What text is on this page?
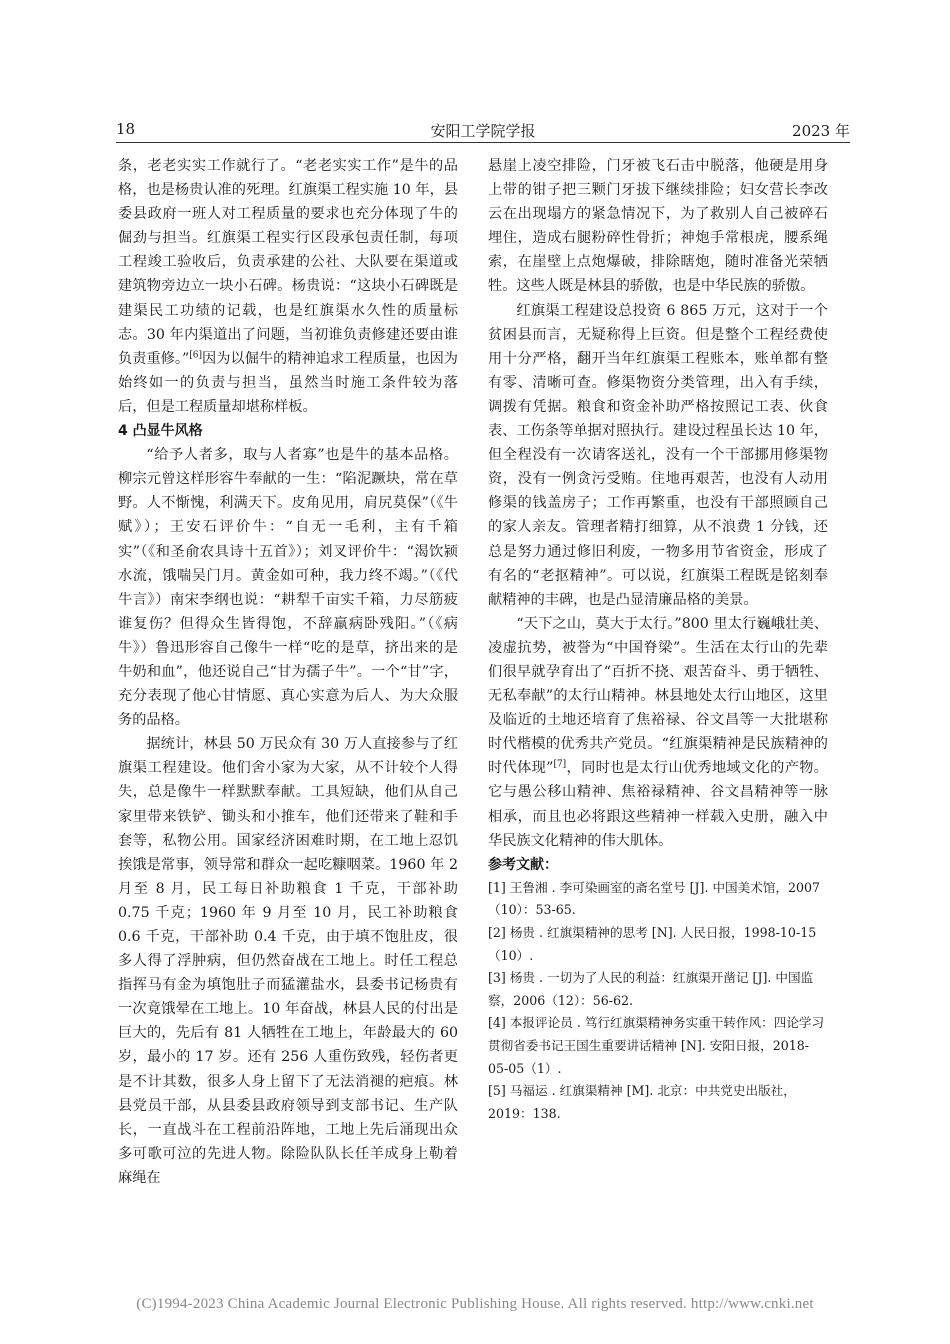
18	安阳工学院学报	2023 年

条，老老实实工作就行了。“老老实实工作”是牛的品格，也是杨贵认准的死理。红旗渠工程实施 10 年，县委县政府一班人对工程质量的要求也充分体现了牛的倔劲与担当。红旗渠工程实行区段承包责任制，每项工程竣工验收后，负责承建的公社、大队要在渠道或建筑物旁边立一块小石碑。杨贵说：“这块小石碑既是建渠民工功绩的记载，也是红旗渠水久性的质量标志。30 年内渠道出了问题，当初谁负责修建还要由谁负责重修。”[6]因为以倔牛的精神追求工程质量，也因为始终如一的负责与担当，虽然当时施工条件较为落后，但是工程质量却堪称样板。

4 凸显牛风格

“给予人者多，取与人者寡”也是牛的基本品格。柳宗元曾这样形容牛奉献的一生：“陷泥蹶块，常在草野。人不惭愧，利满天下。皮角见用，肩尻莫保”（《牛赋》）；王安石评价牛：“自无一毛利，主有千箱实”（《和圣俞农具诗十五首》）；刘叉评价牛：“渴饮颍水流，饿喘吴门月。黄金如可种，我力终不竭。”（《代牛言》）南宋李纲也说：“耕犁千亩实千箱，力尽筋疲谁复伤？但得众生皆得饱，不辞羸病卧残阳。”（《病牛》）鲁迅形容自己像牛一样“吃的是草，挤出来的是牛奶和血”，他还说自己“甘为孺子牛”。一个“甘”字，充分表现了他心甘情愿、真心实意为后人、为大众服务的品格。

据统计，林县 50 万民众有 30 万人直接参与了红旗渠工程建设。他们舍小家为大家，从不计较个人得失，总是像牛一样默默奉献。工具短缺，他们从自己家里带来铁铲、锄头和小推车，他们还带来了鞋和手套等，私物公用。国家经济困难时期，在工地上忍饥挨饿是常事，领导常和群众一起吃糠咽菜。1960 年 2 月至 8 月，民工每日补助粮食 1 千克，干部补助 0.75 千克；1960 年 9 月至 10 月，民工补助粮食 0.6 千克，干部补助 0.4 千克，由于填不饱肚皮，很多人得了浮肿病，但仍然奋战在工地上。时任工程总指挥马有金为填饱肚子而猛灌盐水，县委书记杨贵有一次竟饿晕在工地上。10 年奋战，林县人民的付出是巨大的，先后有 81 人牺牲在工地上，年龄最大的 60 岁，最小的 17 岁。还有 256 人重伤致残，轻伤者更是不计其数，很多人身上留下了无法消褪的疤痕。林县党员干部，从县委县政府领导到支部书记、生产队长，一直战斗在工程前沿阵地，工地上先后涌现出众多可歌可泣的先进人物。除险队队长任羊成身上勒着麻绳在

悬崖上凌空排险，门牙被飞石击中脱落，他硬是用身上带的钳子把三颗门牙拔下继续排险；妇女营长李改云在出现塌方的紧急情况下，为了救别人自己被碎石埋住，造成右腿粉碎性骨折；神炮手常根虎，腰系绳索，在崖壁上点炮爆破，排除瞎炮，随时准备光荣牺牲。这些人既是林县的骄傲，也是中华民族的骄傲。

红旗渠工程建设总投资 6 865 万元，这对于一个贫困县而言，无疑称得上巨资。但是整个工程经费使用十分严格，翻开当年红旗渠工程账本，账单都有整有零、清晰可查。修渠物资分类管理，出入有手续，调拨有凭据。粮食和资金补助严格按照记工表、伙食表、工伤条等单据对照执行。建设过程虽长达 10 年，但全程没有一次请客送礼，没有一个干部挪用修渠物资，没有一例贪污受贿。住地再艰苦，也没有人动用修渠的钱盖房子；工作再繁重，也没有干部照顾自己的家人亲友。管理者精打细算，从不浪费 1 分钱，还总是努力通过修旧利废，一物多用节省资金，形成了有名的“老抠精神”。可以说，红旗渠工程既是铭刻奉献精神的丰碑，也是凸显清廉品格的美景。

“天下之山，莫大于太行。”800 里太行巍峨壮美、凌虚抗势，被誉为“中国脊梁”。生活在太行山的先辈们很早就孕育出了“百折不挠、艰苦奋斗、勇于牺牲、无私奉献”的太行山精神。林县地处太行山地区，这里及临近的土地还培育了焦裕禄、谷文昌等一大批堪称时代楷模的优秀共产党员。“红旗渠精神是民族精神的时代体现”[7]，同时也是太行山优秀地域文化的产物。它与愚公移山精神、焦裕禄精神、谷文昌精神等一脉相承，而且也必将跟这些精神一样载入史册，融入中华民族文化精神的伟大肌体。

参考文献：

[1] 王鲁湘 . 李可染画室的斋名堂号 [J]. 中国美术馆，2007（10）：53-65.

[2] 杨贵 . 红旗渠精神的思考 [N]. 人民日报，1998-10-15（10）.

[3] 杨贵 . 一切为了人民的利益：红旗渠开凿记 [J]. 中国监察，2006（12）：56-62.

[4] 本报评论员 . 笃行红旗渠精神务实重干转作风：四论学习贯彻省委书记王国生重要讲话精神 [N]. 安阳日报，2018-05-05（1）.

[5] 马福运 . 红旗渠精神 [M]. 北京：中共党史出版社，2019：138.

(C)1994-2023 China Academic Journal Electronic Publishing House. All rights reserved. http://www.cnki.net
